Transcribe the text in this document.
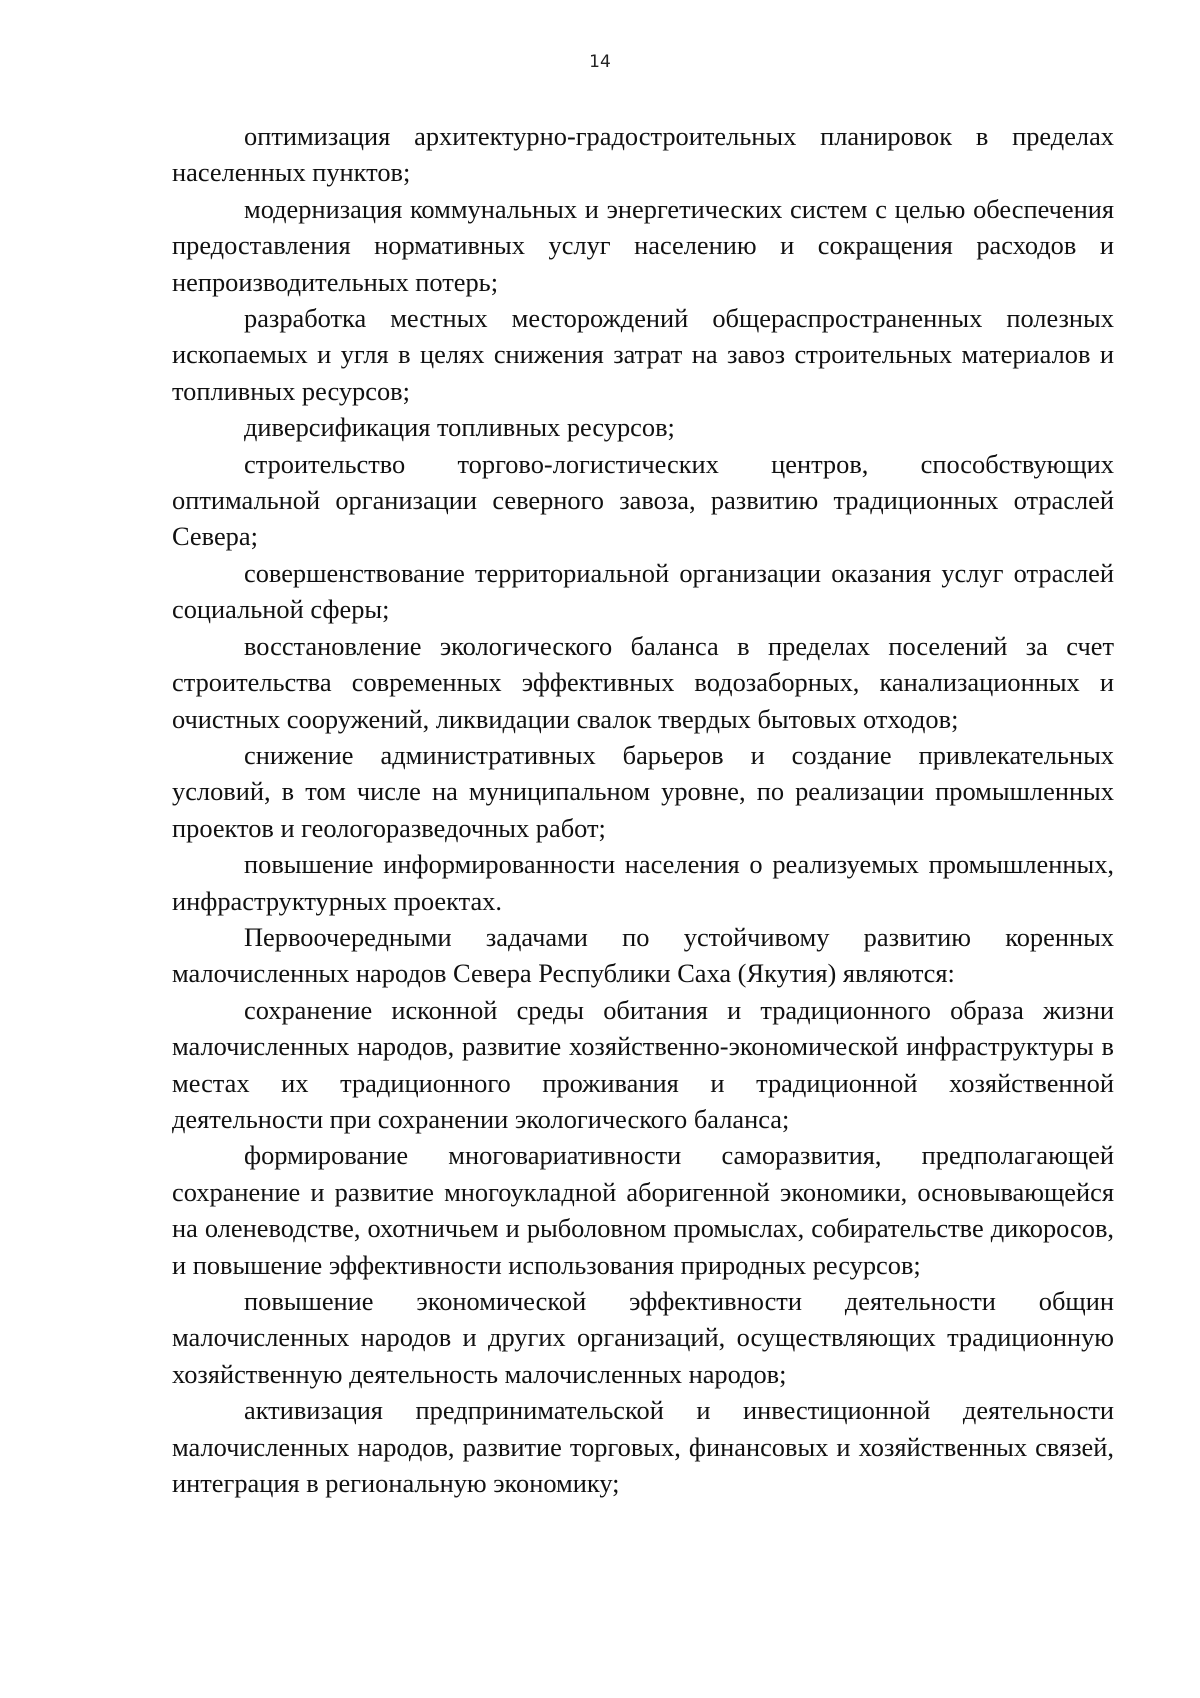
14

оптимизация архитектурно-градостроительных планировок в пределах населенных пунктов;

модернизация коммунальных и энергетических систем с целью обеспечения предоставления нормативных услуг населению и сокращения расходов и непроизводительных потерь;

разработка местных месторождений общераспространенных полезных ископаемых и угля в целях снижения затрат на завоз строительных материалов и топливных ресурсов;

диверсификация топливных ресурсов;

строительство торгово-логистических центров, способствующих оптимальной организации северного завоза, развитию традиционных отраслей Севера;

совершенствование территориальной организации оказания услуг отраслей социальной сферы;

восстановление экологического баланса в пределах поселений за счет строительства современных эффективных водозаборных, канализационных и очистных сооружений, ликвидации свалок твердых бытовых отходов;

снижение административных барьеров и создание привлекательных условий, в том числе на муниципальном уровне, по реализации промышленных проектов и геологоразведочных работ;

повышение информированности населения о реализуемых промышленных, инфраструктурных проектах.

Первоочередными задачами по устойчивому развитию коренных малочисленных народов Севера Республики Саха (Якутия) являются:

сохранение исконной среды обитания и традиционного образа жизни малочисленных народов, развитие хозяйственно-экономической инфраструктуры в местах их традиционного проживания и традиционной хозяйственной деятельности при сохранении экологического баланса;

формирование многовариативности саморазвития, предполагающей сохранение и развитие многоукладной аборигенной экономики, основывающейся на оленеводстве, охотничьем и рыболовном промыслах, собирательстве дикоросов, и повышение эффективности использования природных ресурсов;

повышение экономической эффективности деятельности общин малочисленных народов и других организаций, осуществляющих традиционную хозяйственную деятельность малочисленных народов;

активизация предпринимательской и инвестиционной деятельности малочисленных народов, развитие торговых, финансовых и хозяйственных связей, интеграция в региональную экономику;
